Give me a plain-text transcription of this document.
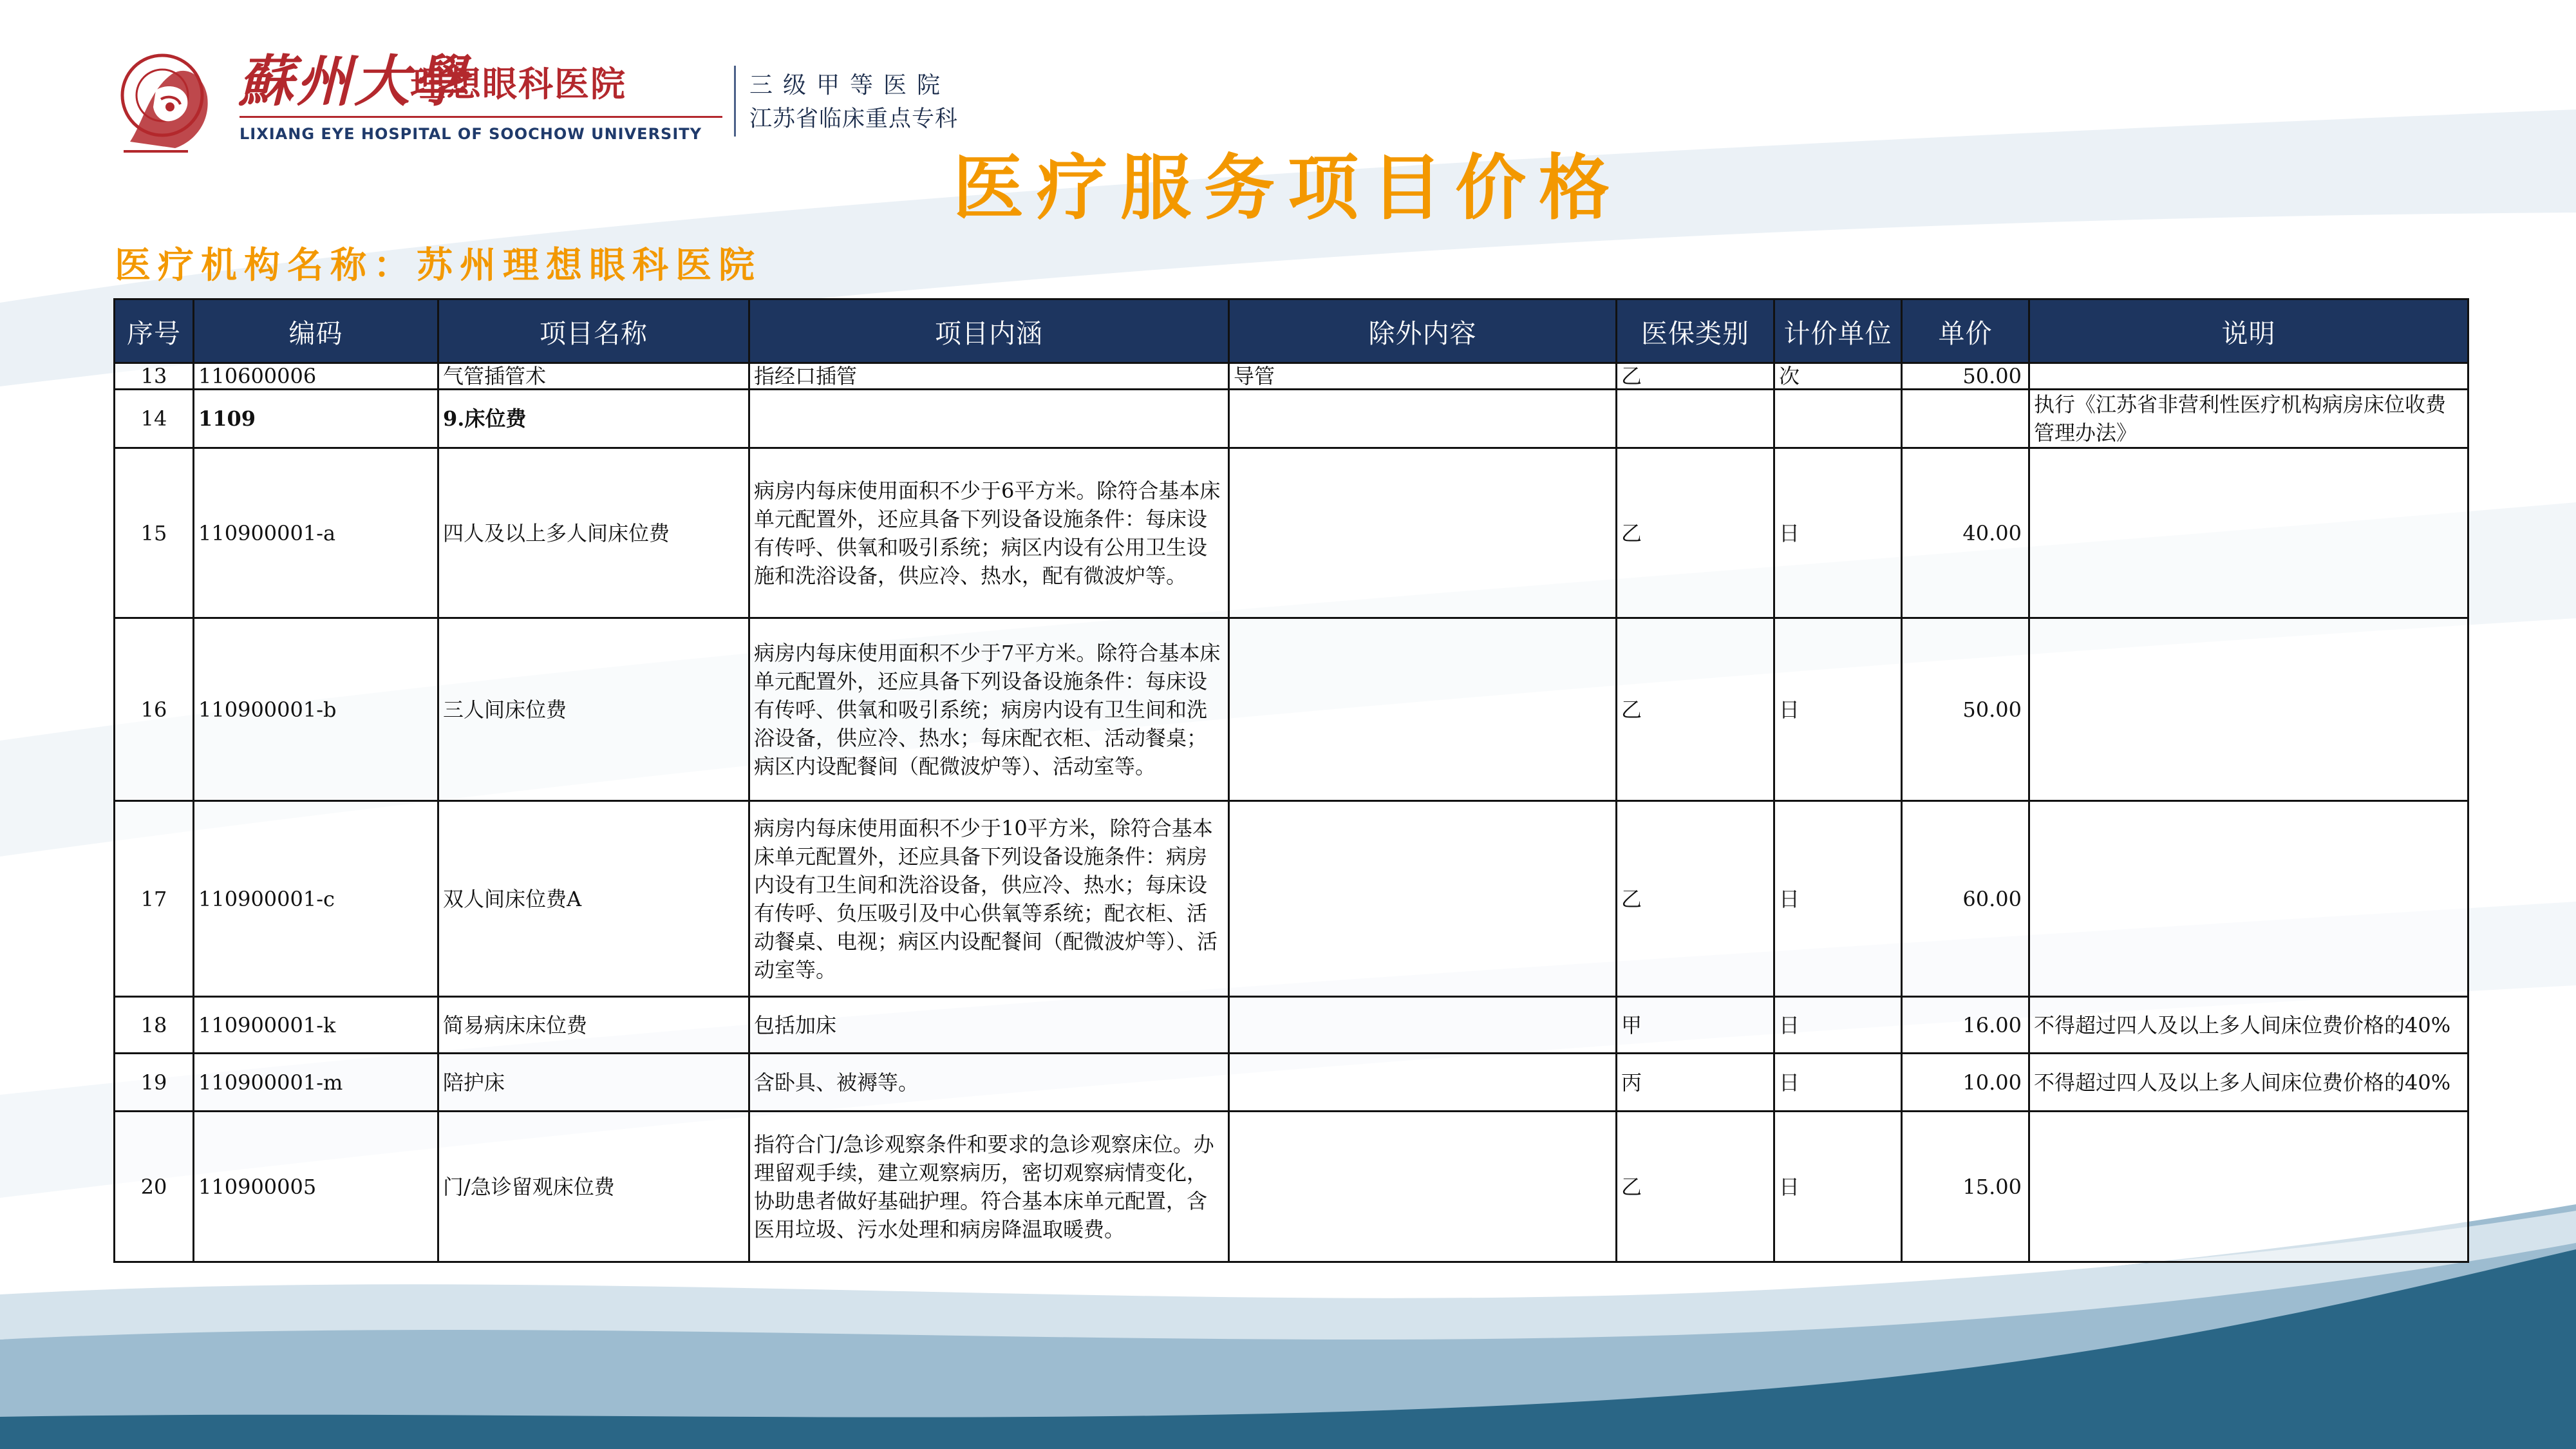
蘇州大學
理想眼科医院
LIXIANG EYE HOSPITAL OF SOOCHOW UNIVERSITY
三级甲等医院
江苏省临床重点专科
医疗服务项目价格
医疗机构名称：苏州理想眼科医院
序号	编码	项目名称	项目内涵	除外内容	医保类别	计价单位	单价	说明
13	110600006	气管插管术	指经口插管	导管	乙	次	50.00	
14	1109	9.床位费						执行《江苏省非营利性医疗机构病房床位收费管理办法》
15	110900001-a	四人及以上多人间床位费	病房内每床使用面积不少于6平方米。除符合基本床单元配置外，还应具备下列设备设施条件：每床设有传呼、供氧和吸引系统；病区内设有公用卫生设施和洗浴设备，供应冷、热水，配有微波炉等。		乙	日	40.00	
16	110900001-b	三人间床位费	病房内每床使用面积不少于7平方米。除符合基本床单元配置外，还应具备下列设备设施条件：每床设有传呼、供氧和吸引系统；病房内设有卫生间和洗浴设备，供应冷、热水；每床配衣柜、活动餐桌；病区内设配餐间（配微波炉等）、活动室等。		乙	日	50.00	
17	110900001-c	双人间床位费A	病房内每床使用面积不少于10平方米，除符合基本床单元配置外，还应具备下列设备设施条件：病房内设有卫生间和洗浴设备，供应冷、热水；每床设有传呼、负压吸引及中心供氧等系统；配衣柜、活动餐桌、电视；病区内设配餐间（配微波炉等）、活动室等。		乙	日	60.00	
18	110900001-k	简易病床床位费	包括加床		甲	日	16.00	不得超过四人及以上多人间床位费价格的40%
19	110900001-m	陪护床	含卧具、被褥等。		丙	日	10.00	不得超过四人及以上多人间床位费价格的40%
20	110900005	门/急诊留观床位费	指符合门/急诊观察条件和要求的急诊观察床位。办理留观手续，建立观察病历，密切观察病情变化，协助患者做好基础护理。符合基本床单元配置，含医用垃圾、污水处理和病房降温取暖费。		乙	日	15.00	
